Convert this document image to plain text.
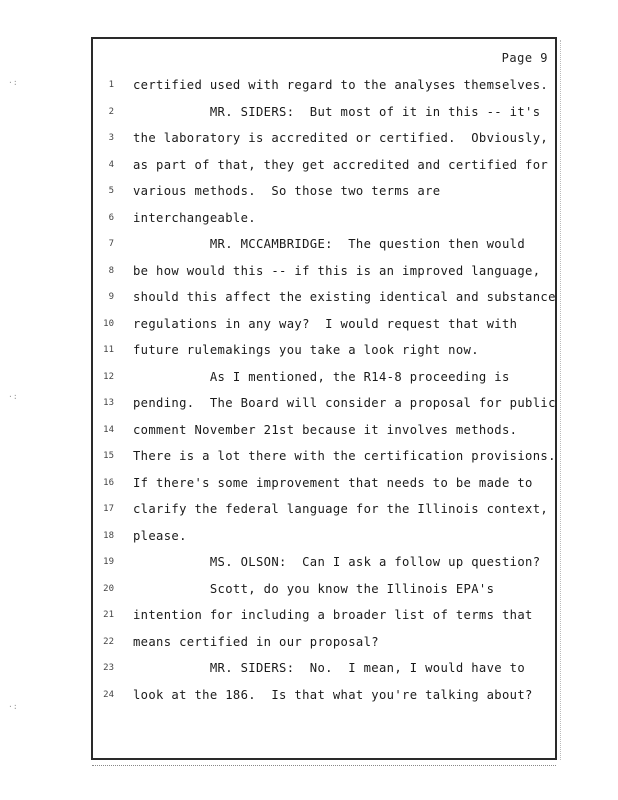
Page 9
1 certified used with regard to the analyses themselves.
2 MR. SIDERS:  But most of it in this -- it's
3 the laboratory is accredited or certified.  Obviously,
4 as part of that, they get accredited and certified for
5 various methods.  So those two terms are
6 interchangeable.
7 MR. MCCAMBRIDGE:  The question then would
8 be how would this -- if this is an improved language,
9 should this affect the existing identical and substance
10 regulations in any way?  I would request that with
11 future rulemakings you take a look right now.
12 As I mentioned, the R14-8 proceeding is
13 pending.  The Board will consider a proposal for public
14 comment November 21st because it involves methods.
15 There is a lot there with the certification provisions.
16 If there's some improvement that needs to be made to
17 clarify the federal language for the Illinois context,
18 please.
19 MS. OLSON:  Can I ask a follow up question?
20 Scott, do you know the Illinois EPA's
21 intention for including a broader list of terms that
22 means certified in our proposal?
23 MR. SIDERS:  No.  I mean, I would have to
24 look at the 186.  Is that what you're talking about?
·:
·:
·:
